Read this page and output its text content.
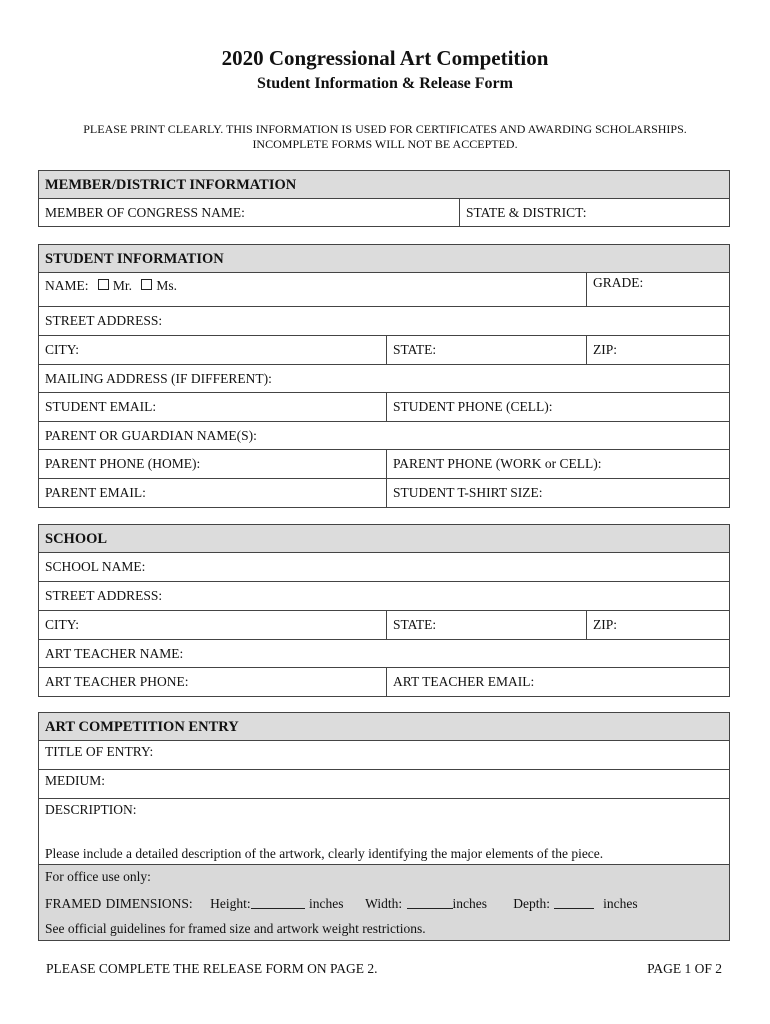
2020 Congressional Art Competition
Student Information & Release Form
PLEASE PRINT CLEARLY. THIS INFORMATION IS USED FOR CERTIFICATES AND AWARDING SCHOLARSHIPS.
INCOMPLETE FORMS WILL NOT BE ACCEPTED.
MEMBER/DISTRICT INFORMATION
MEMBER OF CONGRESS NAME:	STATE & DISTRICT:
STUDENT INFORMATION
NAME: Mr. Ms.	GRADE:
STREET ADDRESS:
CITY:	STATE:	ZIP:
MAILING ADDRESS (IF DIFFERENT):
STUDENT EMAIL:	STUDENT PHONE (CELL):
PARENT OR GUARDIAN NAME(S):
PARENT PHONE (HOME):	PARENT PHONE (WORK or CELL):
PARENT EMAIL:	STUDENT T-SHIRT SIZE:
SCHOOL
SCHOOL NAME:
STREET ADDRESS:
CITY:	STATE:	ZIP:
ART TEACHER NAME:
ART TEACHER PHONE:	ART TEACHER EMAIL:
ART COMPETITION ENTRY
TITLE OF ENTRY:
MEDIUM:
DESCRIPTION:
Please include a detailed description of the artwork, clearly identifying the major elements of the piece.
For office use only:
FRAMED DIMENSIONS: Height:	inches Width:	inches Depth:	inches
See official guidelines for framed size and artwork weight restrictions.
PLEASE COMPLETE THE RELEASE FORM ON PAGE 2.	PAGE 1 OF 2
